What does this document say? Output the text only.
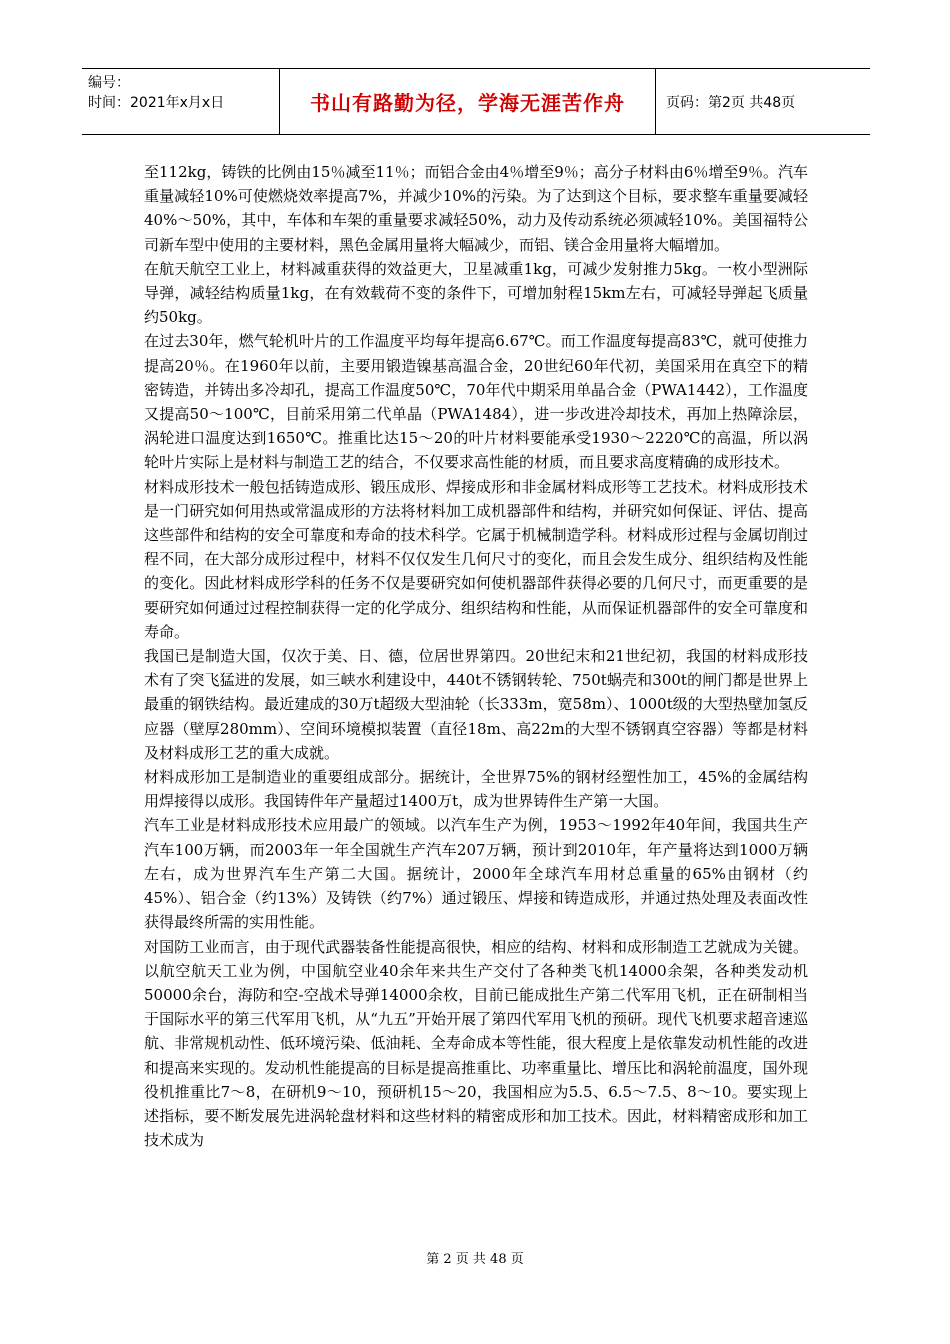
编号：
时间：2021年x月x日	书山有路勤为径，学海无涯苦作舟	页码：第2页 共48页

至112kg，铸铁的比例由15％减至11％；而铝合金由4％增至9％；高分子材料由6％增至9％。汽车重量减轻10%可使燃烧效率提高7%，并减少10%的污染。为了达到这个目标，要求整车重量要减轻40%～50%，其中，车体和车架的重量要求减轻50%，动力及传动系统必须减轻10%。美国福特公司新车型中使用的主要材料，黑色金属用量将大幅减少，而铝、镁合金用量将大幅增加。

在航天航空工业上，材料减重获得的效益更大，卫星减重1kg，可减少发射推力5kg。一枚小型洲际导弹，减轻结构质量1kg，在有效载荷不变的条件下，可增加射程15km左右，可减轻导弹起飞质量约50kg。

在过去30年，燃气轮机叶片的工作温度平均每年提高6.67℃。而工作温度每提高83℃，就可使推力提高20％。在1960年以前，主要用锻造镍基高温合金，20世纪60年代初，美国采用在真空下的精密铸造，并铸出多冷却孔，提高工作温度50℃，70年代中期采用单晶合金（PWA1442），工作温度又提高50～100℃，目前采用第二代单晶（PWA1484），进一步改进冷却技术，再加上热障涂层，涡轮进口温度达到1650℃。推重比达15～20的叶片材料要能承受1930～2220℃的高温，所以涡轮叶片实际上是材料与制造工艺的结合，不仅要求高性能的材质，而且要求高度精确的成形技术。

材料成形技术一般包括铸造成形、锻压成形、焊接成形和非金属材料成形等工艺技术。材料成形技术是一门研究如何用热或常温成形的方法将材料加工成机器部件和结构，并研究如何保证、评估、提高这些部件和结构的安全可靠度和寿命的技术科学。它属于机械制造学科。材料成形过程与金属切削过程不同，在大部分成形过程中，材料不仅仅发生几何尺寸的变化，而且会发生成分、组织结构及性能的变化。因此材料成形学科的任务不仅是要研究如何使机器部件获得必要的几何尺寸，而更重要的是要研究如何通过过程控制获得一定的化学成分、组织结构和性能，从而保证机器部件的安全可靠度和寿命。

我国已是制造大国，仅次于美、日、德，位居世界第四。20世纪末和21世纪初，我国的材料成形技术有了突飞猛进的发展，如三峡水利建设中，440t不锈钢转轮、750t蜗壳和300t的闸门都是世界上最重的钢铁结构。最近建成的30万t超级大型油轮（长333m，宽58m）、1000t级的大型热壁加氢反应器（壁厚280mm）、空间环境模拟装置（直径18m、高22m的大型不锈钢真空容器）等都是材料及材料成形工艺的重大成就。

材料成形加工是制造业的重要组成部分。据统计，全世界75%的钢材经塑性加工，45%的金属结构用焊接得以成形。我国铸件年产量超过1400万t，成为世界铸件生产第一大国。

汽车工业是材料成形技术应用最广的领域。以汽车生产为例，1953～1992年40年间，我国共生产汽车100万辆，而2003年一年全国就生产汽车207万辆，预计到2010年，年产量将达到1000万辆左右，成为世界汽车生产第二大国。据统计，2000年全球汽车用材总重量的65%由钢材（约45%）、铝合金（约13%）及铸铁（约7%）通过锻压、焊接和铸造成形，并通过热处理及表面改性获得最终所需的实用性能。

对国防工业而言，由于现代武器装备性能提高很快，相应的结构、材料和成形制造工艺就成为关键。以航空航天工业为例，中国航空业40余年来共生产交付了各种类飞机14000余架，各种类发动机50000余台，海防和空-空战术导弹14000余枚，目前已能成批生产第二代军用飞机，正在研制相当于国际水平的第三代军用飞机，从“九五”开始开展了第四代军用飞机的预研。现代飞机要求超音速巡航、非常规机动性、低环境污染、低油耗、全寿命成本等性能，很大程度上是依靠发动机性能的改进和提高来实现的。发动机性能提高的目标是提高推重比、功率重量比、增压比和涡轮前温度，国外现役机推重比7～8，在研机9～10，预研机15～20，我国相应为5.5、6.5～7.5、8～10。要实现上述指标，要不断发展先进涡轮盘材料和这些材料的精密成形和加工技术。因此，材料精密成形和加工技术成为

第 2 页 共 48 页
